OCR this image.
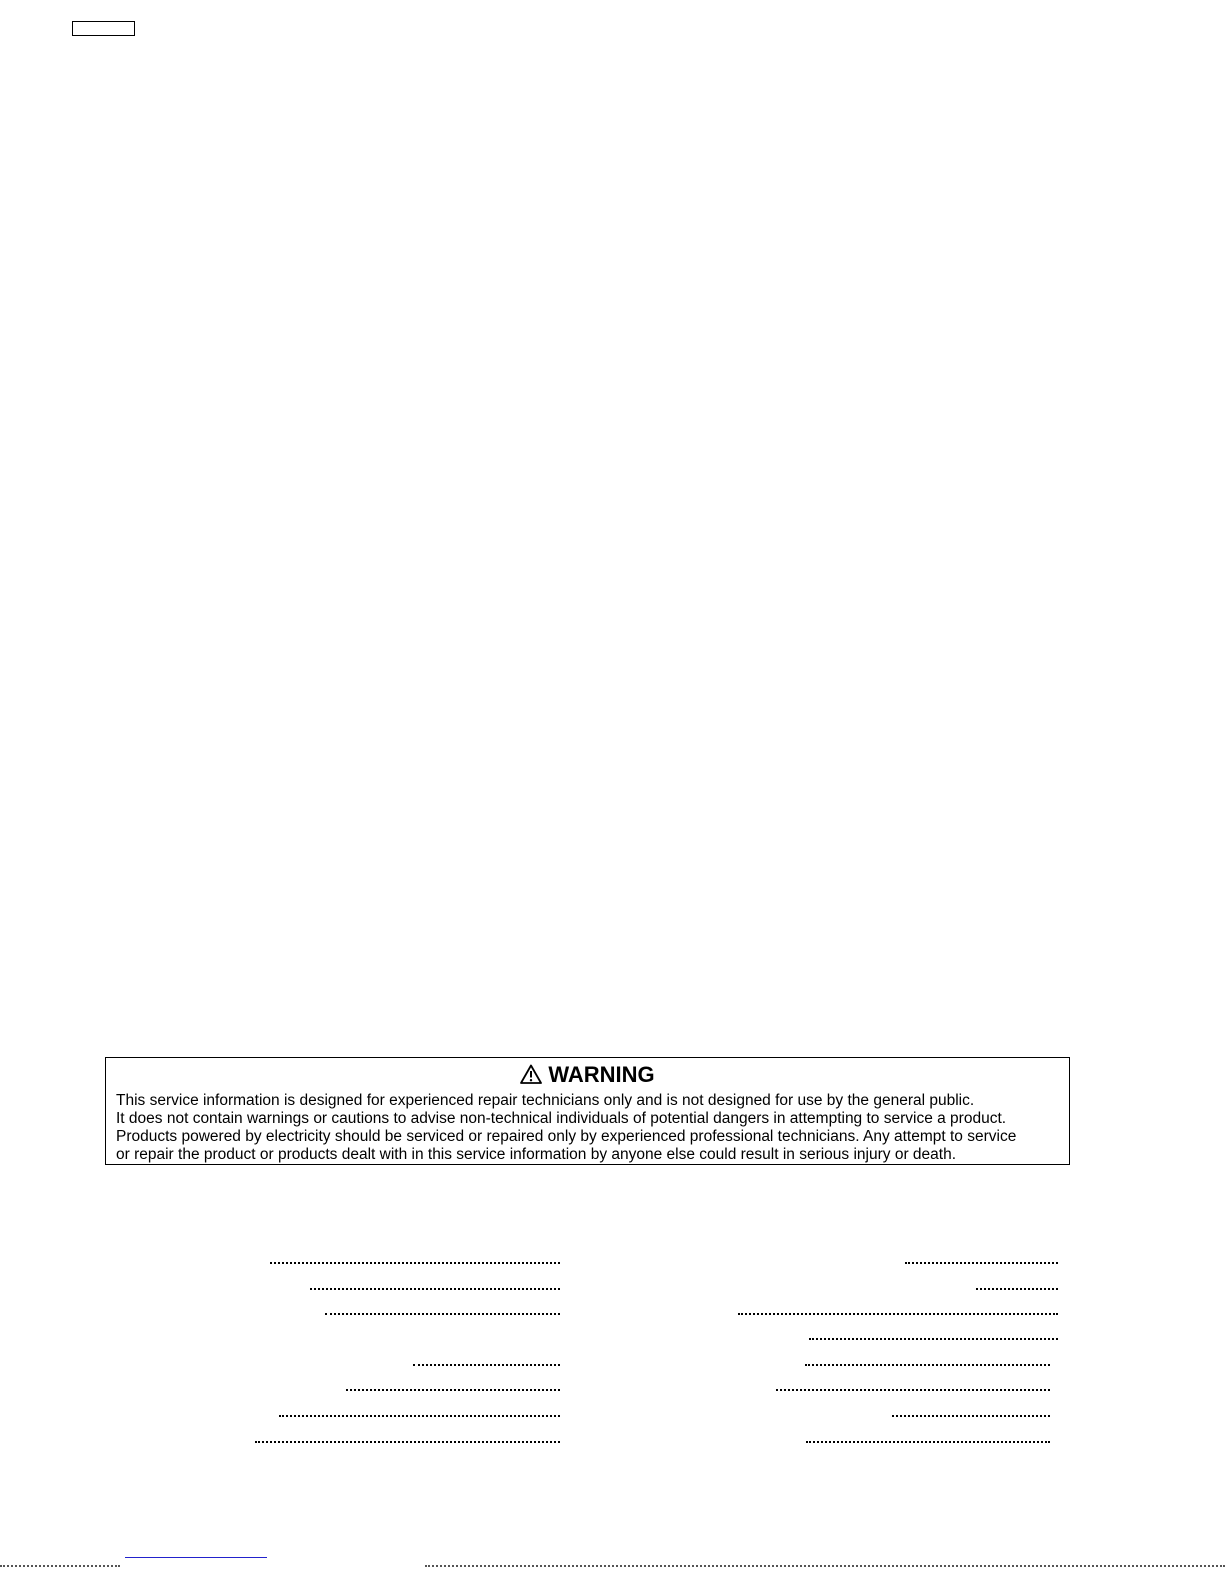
WARNING

This service information is designed for experienced repair technicians only and is not designed for use by the general public.

It does not contain warnings or cautions to advise non-technical individuals of potential dangers in attempting to service a product.

Products powered by electricity should be serviced or repaired only by experienced professional technicians. Any attempt to service

or repair the product or products dealt with in this service information by anyone else could result in serious injury or death.
